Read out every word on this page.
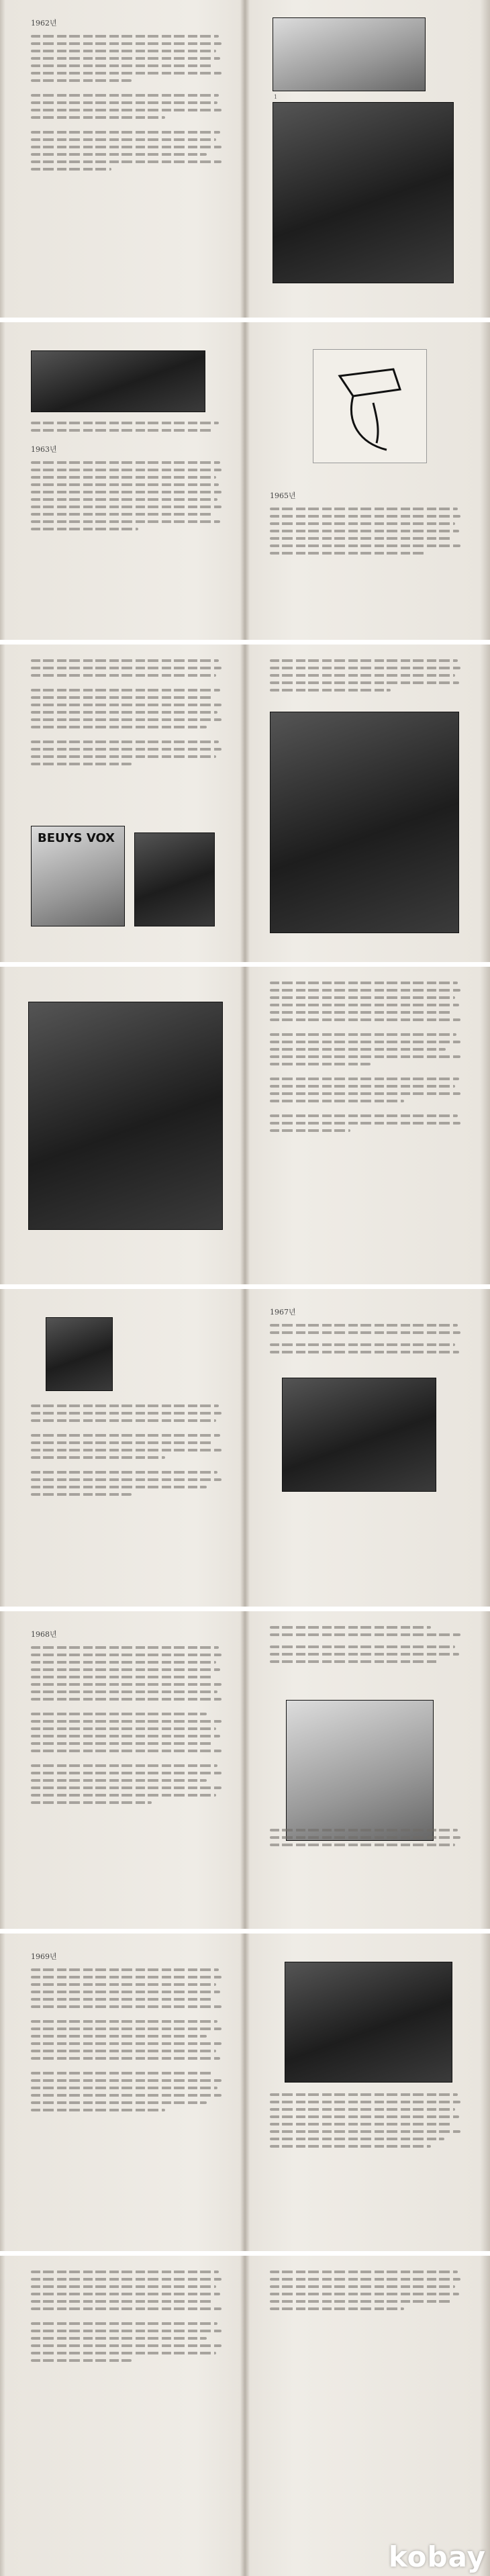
1962년
1
1963년
1965년
BEUYS VOX
1967년
1968년
1969년
kobay
